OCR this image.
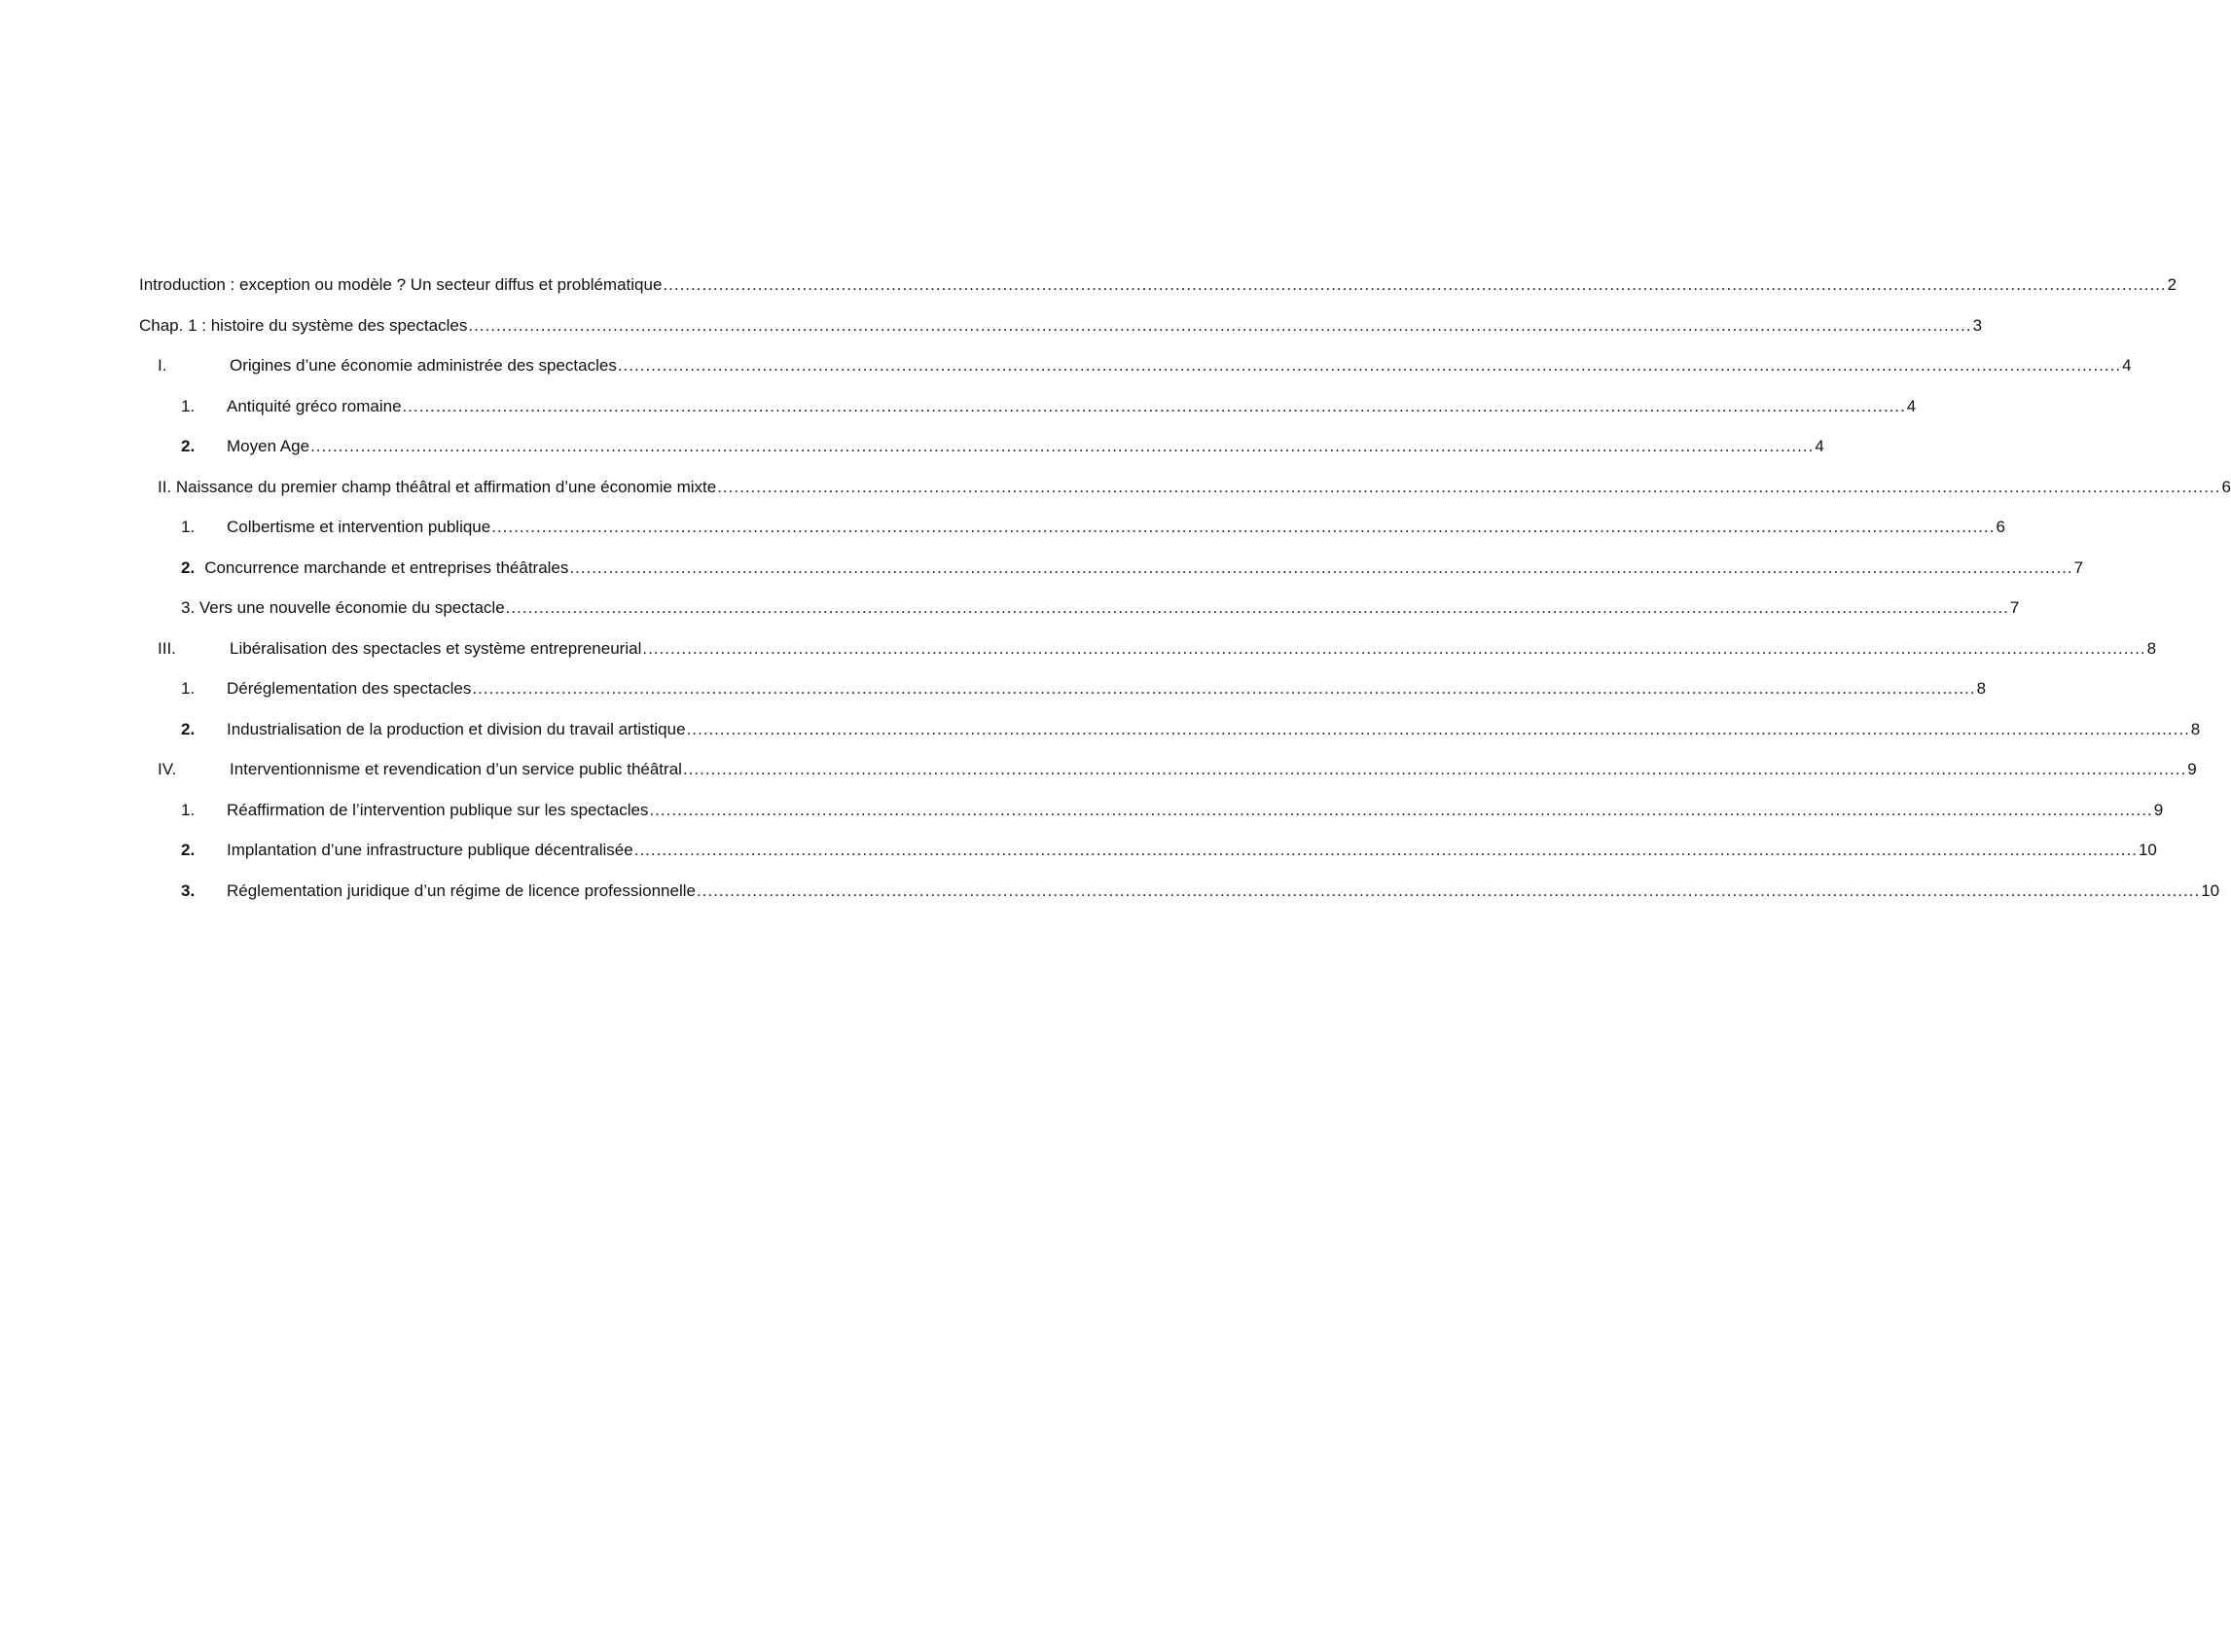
Introduction : exception ou modèle ? Un secteur diffus et problématique .....	2
Chap. 1 : histoire du système des spectacles .....	3
I.	Origines d’une économie administrée des spectacles .....	4
1.	Antiquité gréco romaine .....	4
2.	Moyen Age .....	4
II. Naissance du premier champ théâtral et affirmation d’une économie mixte .....	6
1.	Colbertisme et intervention publique .....	6
2. Concurrence marchande et entreprises théâtrales .....	7
3. Vers une nouvelle économie du spectacle .....	7
III.	Libéralisation des spectacles et système entrepreneurial .....	8
1.	Déréglementation des spectacles .....	8
2.	Industrialisation de la production et division du travail artistique .....	8
IV.	Interventionnisme et revendication d’un service public théâtral .....	9
1.	Réaffirmation de l’intervention publique sur les spectacles .....	9
2.	Implantation d’une infrastructure publique décentralisée .....	10
3.	Réglementation juridique d’un régime de licence professionnelle .....	10
